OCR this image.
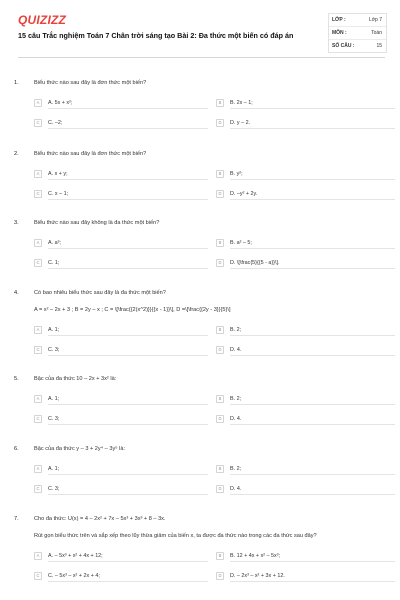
QUIZIZZ
15 câu Trắc nghiệm Toán 7 Chân trời sáng tạo Bài 2: Đa thức một biến có đáp án
LỚP :	Lớp 7
MÔN :	Toán
SỐ CÂU :	15
1.	Biểu thức nào sau đây là đơn thức một biến?
A	A. 5x + x²;	B	B. 2x – 1;
C	C. –2;	D	D. y – 2.
2.	Biểu thức nào sau đây là đơn thức một biến?
A	A. x + y;	B	B. y²;
C	C. x – 1;	D	D. –y² + 2y.
3.	Biểu thức nào sau đây không là đa thức một biến?
A	A. a³;	B	B. a² – 5;
C	C. 1;	D	D. \[\frac{5}{{5 - a}}\].
4.	Có bao nhiêu biểu thức sau đây là đa thức một biến?
A = x² – 2x + 3 ; B = 2y – x ; C = \[\frac{{2(x^2)}}{{x - 1}}\], D =\[\frac{{2y - 3}}{5}\]
A	A. 1;	B	B. 2;
C	C. 3;	D	D. 4.
5.	Bậc của đa thức 10 – 2x + 3x² là:
A	A. 1;	B	B. 2;
C	C. 3;	D	D. 4.
6.	Bậc của đa thức y – 3 + 2y⁴ – 3y⁵ là:
A	A. 1;	B	B. 2;
C	C. 3;	D	D. 4.
7.	Cho đa thức: U(x) = 4 – 2x² + 7x – 5x³ + 3x³ + 8 – 3x.
Rút gọn biểu thức trên và sắp xếp theo lũy thừa giảm của biến x, ta được đa thức nào trong các đa thức sau đây?
A	A. – 5x³ + x² + 4x + 12;	B	B. 12 + 4x + x² – 5x³;
C	C. – 5x³ – x² + 2x + 4;	D	D. – 2x³ – x² + 3x + 12.
